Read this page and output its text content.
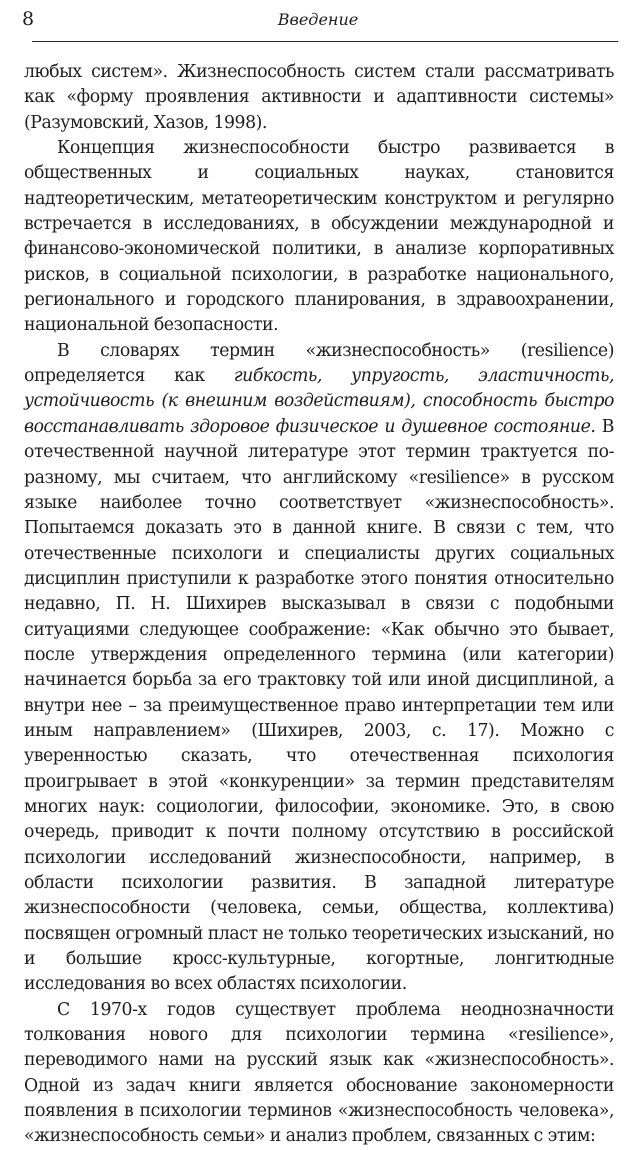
8	Введение

любых систем». Жизнеспособность систем стали рассматривать как «форму проявления активности и адаптивности системы» (Разумовский, Хазов, 1998).

Концепция жизнеспособности быстро развивается в общественных и социальных науках, становится надтеоретическим, метатеоретическим конструктом и регулярно встречается в исследованиях, в обсуждении международной и финансово-экономической политики, в анализе корпоративных рисков, в социальной психологии, в разработке национального, регионального и городского планирования, в здравоохранении, национальной безопасности.

В словарях термин «жизнеспособность» (resilience) определяется как гибкость, упругость, эластичность, устойчивость (к внешним воздействиям), способность быстро восстанавливать здоровое физическое и душевное состояние. В отечественной научной литературе этот термин трактуется по-разному, мы считаем, что английскому «resilience» в русском языке наиболее точно соответствует «жизнеспособность». Попытаемся доказать это в данной книге. В связи с тем, что отечественные психологи и специалисты других социальных дисциплин приступили к разработке этого понятия относительно недавно, П. Н. Шихирев высказывал в связи с подобными ситуациями следующее соображение: «Как обычно это бывает, после утверждения определенного термина (или категории) начинается борьба за его трактовку той или иной дисциплиной, а внутри нее – за преимущественное право интерпретации тем или иным направлением» (Шихирев, 2003, с. 17). Можно с уверенностью сказать, что отечественная психология проигрывает в этой «конкуренции» за термин представителям многих наук: социологии, философии, экономике. Это, в свою очередь, приводит к почти полному отсутствию в российской психологии исследований жизнеспособности, например, в области психологии развития. В западной литературе жизнеспособности (человека, семьи, общества, коллектива) посвящен огромный пласт не только теоретических изысканий, но и большие кросс-культурные, когортные, лонгитюдные исследования во всех областях психологии.

С 1970-х годов существует проблема неоднозначности толкования нового для психологии термина «resilience», переводимого нами на русский язык как «жизнеспособность». Одной из задач книги является обоснование закономерности появления в психологии терминов «жизнеспособность человека», «жизнеспособность семьи» и анализ проблем, связанных с этим:
